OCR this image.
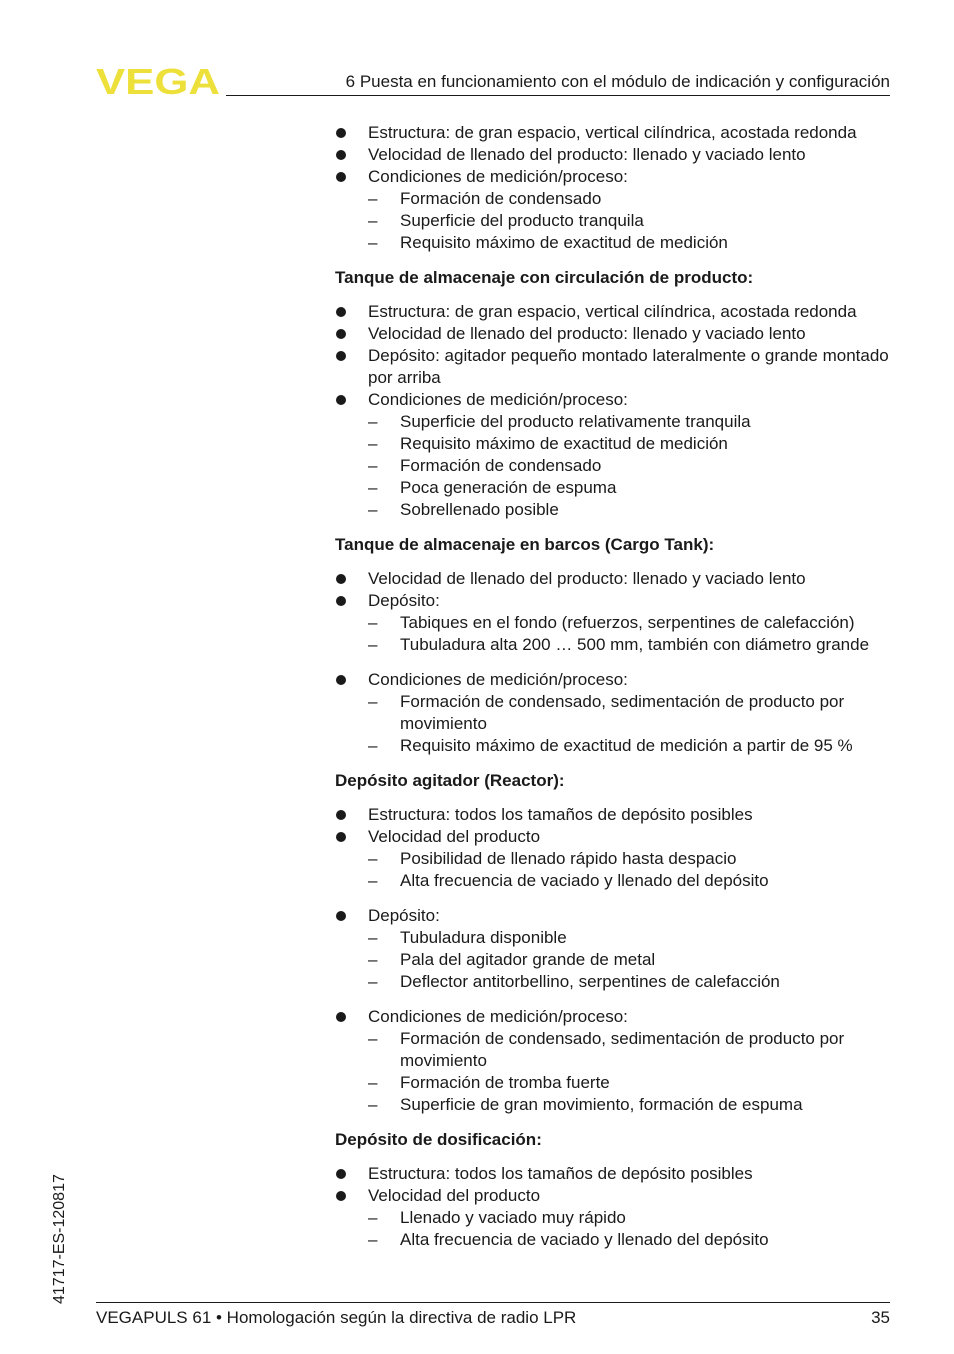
VEGA	6 Puesta en funcionamiento con el módulo de indicación y configuración
Estructura: de gran espacio, vertical cilíndrica, acostada redonda
Velocidad de llenado del producto: llenado y vaciado lento
Condiciones de medición/proceso:
– Formación de condensado
– Superficie del producto tranquila
– Requisito máximo de exactitud de medición
Tanque de almacenaje con circulación de producto:
Estructura: de gran espacio, vertical cilíndrica, acostada redonda
Velocidad de llenado del producto: llenado y vaciado lento
Depósito: agitador pequeño montado lateralmente o grande montado por arriba
Condiciones de medición/proceso:
– Superficie del producto relativamente tranquila
– Requisito máximo de exactitud de medición
– Formación de condensado
– Poca generación de espuma
– Sobrellenado posible
Tanque de almacenaje en barcos (Cargo Tank):
Velocidad de llenado del producto: llenado y vaciado lento
Depósito:
– Tabiques en el fondo (refuerzos, serpentines de calefacción)
– Tubuladura alta 200 … 500 mm, también con diámetro grande
Condiciones de medición/proceso:
– Formación de condensado, sedimentación de producto por movimiento
– Requisito máximo de exactitud de medición a partir de 95 %
Depósito agitador (Reactor):
Estructura: todos los tamaños de depósito posibles
Velocidad del producto
– Posibilidad de llenado rápido hasta despacio
– Alta frecuencia de vaciado y llenado del depósito
Depósito:
– Tubuladura disponible
– Pala del agitador grande de metal
– Deflector antitorbellino, serpentines de calefacción
Condiciones de medición/proceso:
– Formación de condensado, sedimentación de producto por movimiento
– Formación de tromba fuerte
– Superficie de gran movimiento, formación de espuma
Depósito de dosificación:
Estructura: todos los tamaños de depósito posibles
Velocidad del producto
– Llenado y vaciado muy rápido
– Alta frecuencia de vaciado y llenado del depósito
41717-ES-120817
VEGAPULS 61 • Homologación según la directiva de radio LPR	35
